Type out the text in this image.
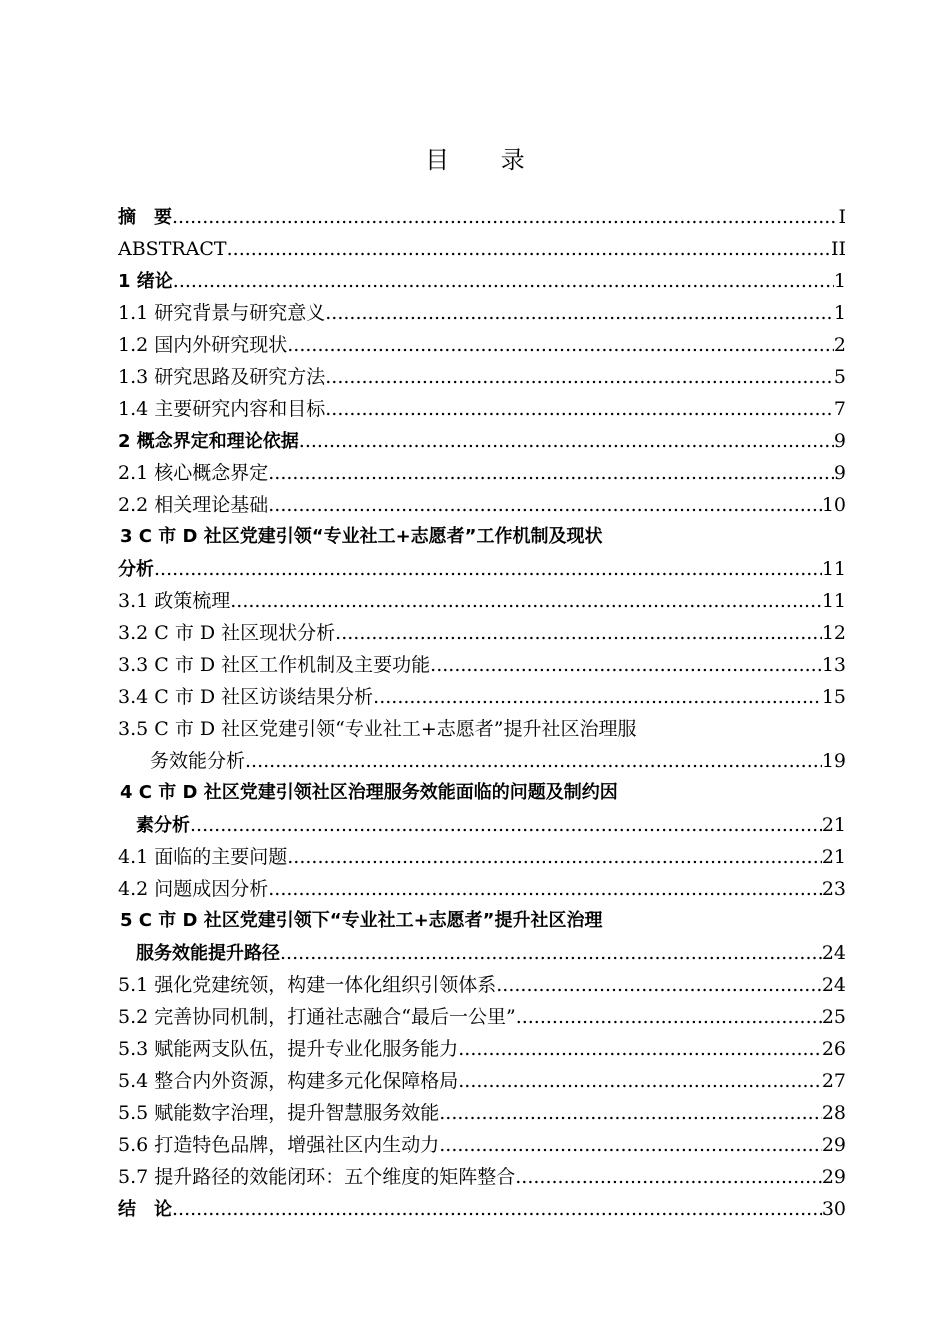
目 录
摘　要 .....	I
ABSTRACT .....	II
1 绪论 .....	1
1.1 研究背景与研究意义 .....	1
1.2 国内外研究现状 .....	2
1.3 研究思路及研究方法 .....	5
1.4 主要研究内容和目标 .....	7
2 概念界定和理论依据 .....	9
2.1 核心概念界定 .....	9
2.2 相关理论基础 .....	10
3 C 市 D 社区党建引领“专业社工+志愿者”工作机制及现状
分析 .....	11
3.1 政策梳理 .....	11
3.2 C 市 D 社区现状分析 .....	12
3.3 C 市 D 社区工作机制及主要功能 .....	13
3.4 C 市 D 社区访谈结果分析 .....	15
3.5 C 市 D 社区党建引领“专业社工+志愿者”提升社区治理服
务效能分析 .....	19
4 C 市 D 社区党建引领社区治理服务效能面临的问题及制约因
素分析 .....	21
4.1 面临的主要问题 .....	21
4.2 问题成因分析 .....	23
5 C 市 D 社区党建引领下“专业社工+志愿者”提升社区治理
服务效能提升路径 .....	24
5.1 强化党建统领，构建一体化组织引领体系 .....	24
5.2 完善协同机制，打通社志融合“最后一公里” .....	25
5.3 赋能两支队伍，提升专业化服务能力 .....	26
5.4 整合内外资源，构建多元化保障格局 .....	27
5.5 赋能数字治理，提升智慧服务效能 .....	28
5.6 打造特色品牌，增强社区内生动力 .....	29
5.7 提升路径的效能闭环：五个维度的矩阵整合 .....	29
结　论 .....	30
